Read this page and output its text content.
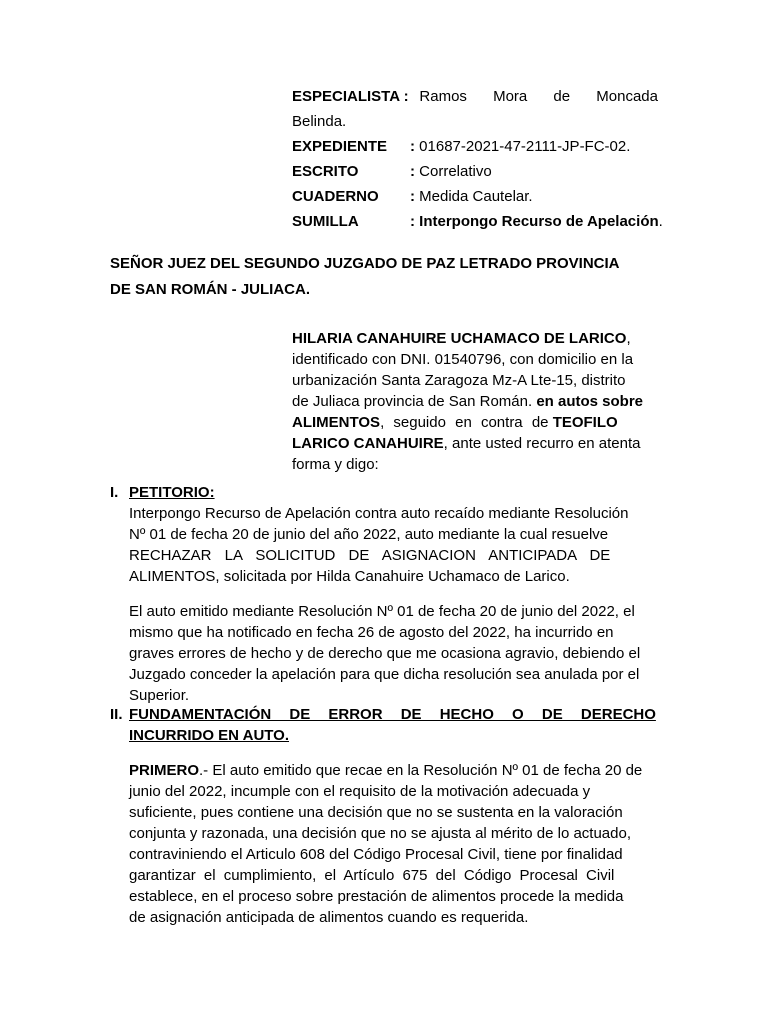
ESPECIALISTA : Ramos Mora de Moncada
Belinda.
EXPEDIENTE	: 01687-2021-47-2111-JP-FC-02.
ESCRITO	: Correlativo
CUADERNO	: Medida Cautelar.
SUMILLA	: Interpongo Recurso de Apelación.
SEÑOR JUEZ DEL SEGUNDO JUZGADO DE PAZ LETRADO PROVINCIA
DE SAN ROMÁN - JULIACA.
HILARIA CANAHUIRE UCHAMACO DE LARICO,
identificado con DNI. 01540796, con domicilio en la
urbanización Santa Zaragoza Mz-A Lte-15, distrito
de Juliaca provincia de San Román. en autos sobre
ALIMENTOS, seguido en contra de TEOFILO
LARICO CANAHUIRE, ante usted recurro en atenta
forma y digo:
I. PETITORIO:
Interpongo Recurso de Apelación contra auto recaído mediante Resolución
Nº 01 de fecha 20 de junio del año 2022, auto mediante la cual resuelve
RECHAZAR LA SOLICITUD DE ASIGNACION ANTICIPADA DE
ALIMENTOS, solicitada por Hilda Canahuire Uchamaco de Larico.
El auto emitido mediante Resolución Nº 01 de fecha 20 de junio del 2022, el
mismo que ha notificado en fecha 26 de agosto del 2022, ha incurrido en
graves errores de hecho y de derecho que me ocasiona agravio, debiendo el
Juzgado conceder la apelación para que dicha resolución sea anulada por el
Superior.
II. FUNDAMENTACIÓN DE ERROR DE HECHO O DE DERECHO
INCURRIDO EN AUTO.
PRIMERO.- El auto emitido que recae en la Resolución Nº 01 de fecha 20 de
junio del 2022, incumple con el requisito de la motivación adecuada y
suficiente, pues contiene una decisión que no se sustenta en la valoración
conjunta y razonada, una decisión que no se ajusta al mérito de lo actuado,
contraviniendo el Articulo 608 del Código Procesal Civil, tiene por finalidad
garantizar el cumplimiento, el Artículo 675 del Código Procesal Civil
establece, en el proceso sobre prestación de alimentos procede la medida
de asignación anticipada de alimentos cuando es requerida.
